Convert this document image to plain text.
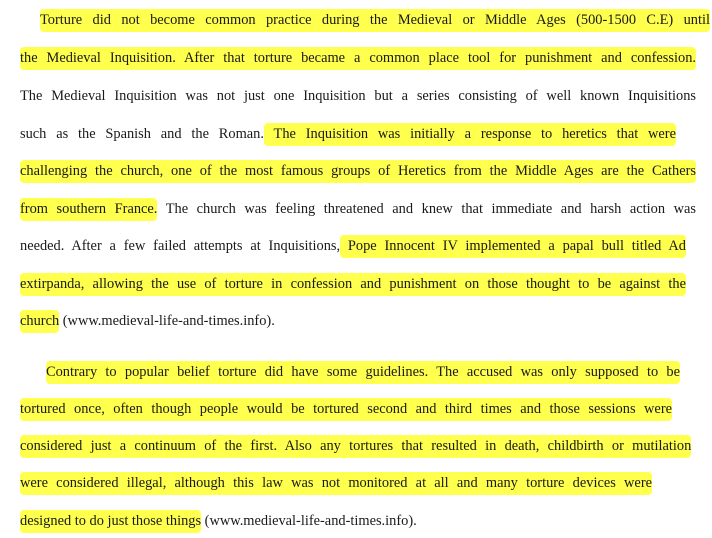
Torture did not become common practice during the Medieval or Middle Ages (500-1500 C.E) until
the Medieval Inquisition. After that torture became a common place tool for punishment and confession.
The Medieval Inquisition was not just one Inquisition but a series consisting of well known Inquisitions
such as the Spanish and the Roman. The Inquisition was initially a response to heretics that were
challenging the church, one of the most famous groups of Heretics from the Middle Ages are the Cathers
from southern France. The church was feeling threatened and knew that immediate and harsh action was
needed. After a few failed attempts at Inquisitions, Pope Innocent IV implemented a papal bull titled Ad
extirpanda, allowing the use of torture in confession and punishment on those thought to be against the
church (www.medieval-life-and-times.info).
Contrary to popular belief torture did have some guidelines. The accused was only supposed to be
tortured once, often though people would be tortured second and third times and those sessions were
considered just a continuum of the first. Also any tortures that resulted in death, childbirth or mutilation
were considered illegal, although this law was not monitored at all and many torture devices were
designed to do just those things (www.medieval-life-and-times.info).
